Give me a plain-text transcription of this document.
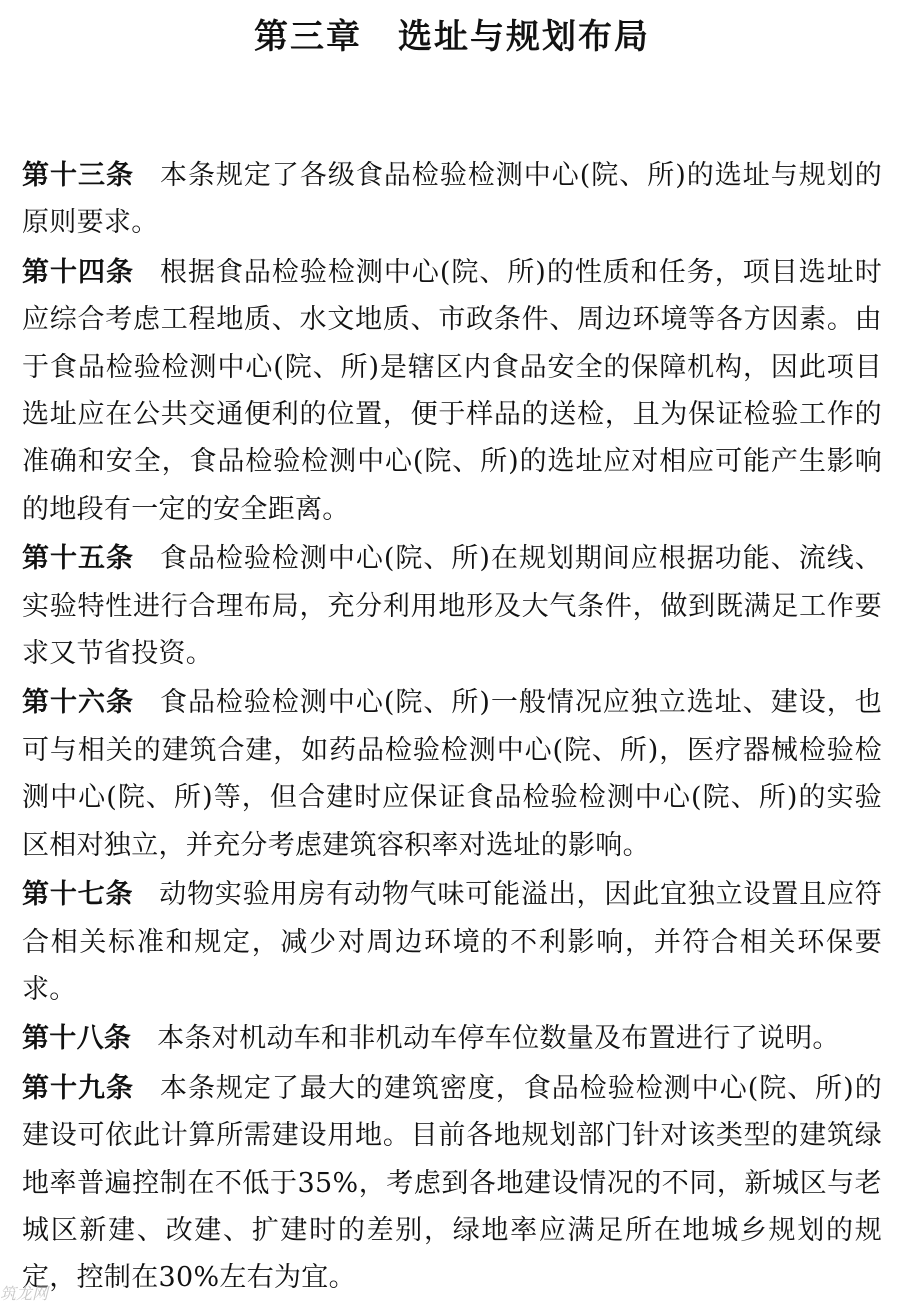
第三章　选址与规划布局

第十三条 本条规定了各级食品检验检测中心(院、所)的选址与规划的原则要求。

第十四条 根据食品检验检测中心(院、所)的性质和任务，项目选址时应综合考虑工程地质、水文地质、市政条件、周边环境等各方因素。由于食品检验检测中心(院、所)是辖区内食品安全的保障机构，因此项目选址应在公共交通便利的位置，便于样品的送检，且为保证检验工作的准确和安全，食品检验检测中心(院、所)的选址应对相应可能产生影响的地段有一定的安全距离。

第十五条 食品检验检测中心(院、所)在规划期间应根据功能、流线、实验特性进行合理布局，充分利用地形及大气条件，做到既满足工作要求又节省投资。

第十六条 食品检验检测中心(院、所)一般情况应独立选址、建设，也可与相关的建筑合建，如药品检验检测中心(院、所)，医疗器械检验检测中心(院、所)等，但合建时应保证食品检验检测中心(院、所)的实验区相对独立，并充分考虑建筑容积率对选址的影响。

第十七条 动物实验用房有动物气味可能溢出，因此宜独立设置且应符合相关标准和规定，减少对周边环境的不利影响，并符合相关环保要求。

第十八条 本条对机动车和非机动车停车位数量及布置进行了说明。

第十九条 本条规定了最大的建筑密度，食品检验检测中心(院、所)的建设可依此计算所需建设用地。目前各地规划部门针对该类型的建筑绿地率普遍控制在不低于35%，考虑到各地建设情况的不同，新城区与老城区新建、改建、扩建时的差别，绿地率应满足所在地城乡规划的规定，控制在30%左右为宜。

筑龙网
